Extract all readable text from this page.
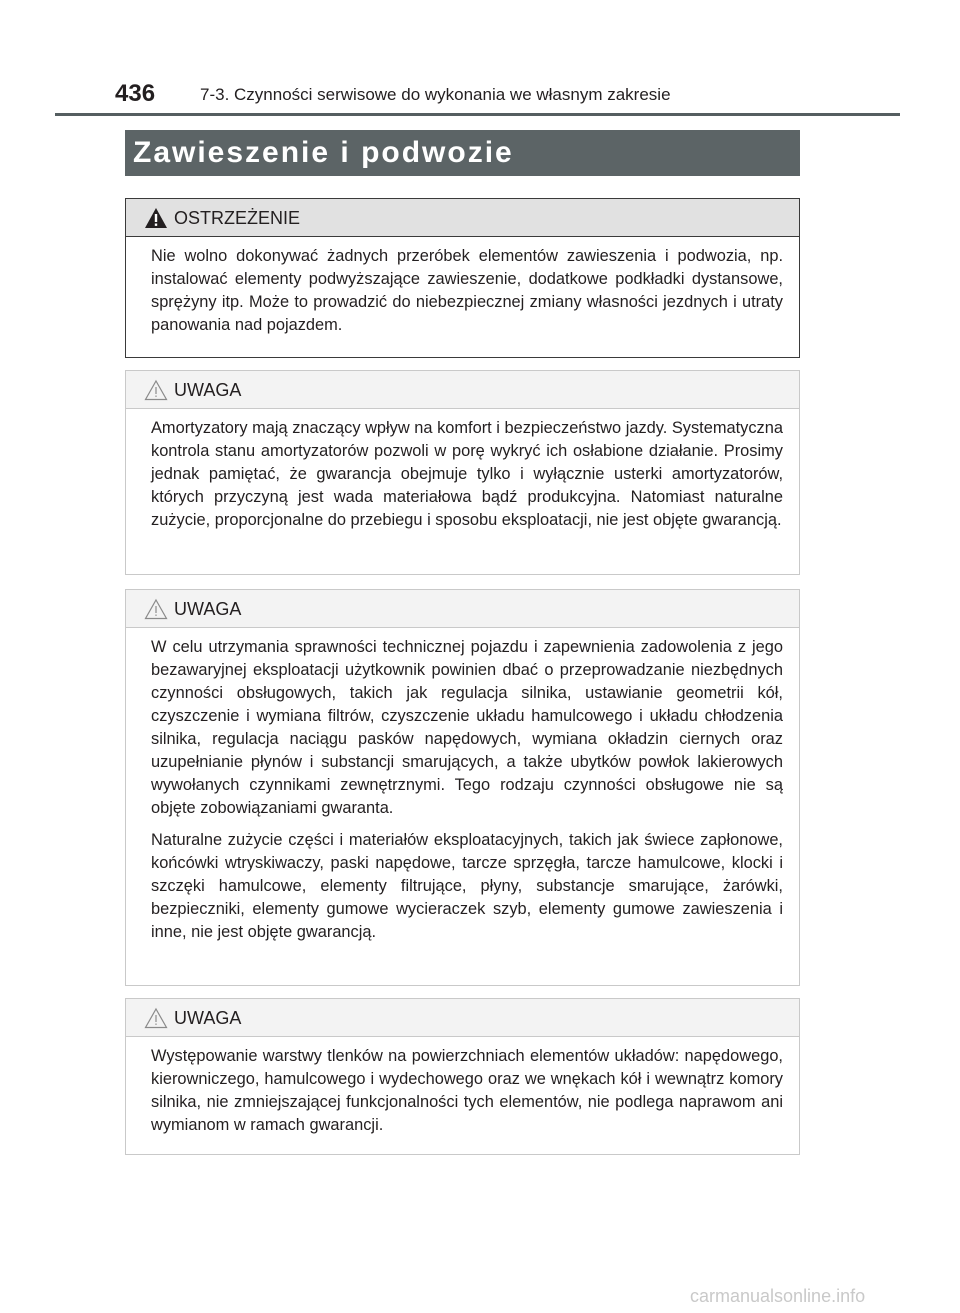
436	7-3. Czynności serwisowe do wykonania we własnym zakresie
Zawieszenie i podwozie
OSTRZEŻENIE

Nie wolno dokonywać żadnych przeróbek elementów zawieszenia i podwozia, np. instalować elementy podwyższające zawieszenie, dodatkowe podkładki dystansowe, sprężyny itp. Może to prowadzić do niebezpiecznej zmiany własności jezdnych i utraty panowania nad pojazdem.

UWAGA

Amortyzatory mają znaczący wpływ na komfort i bezpieczeństwo jazdy. Systematyczna kontrola stanu amortyzatorów pozwoli w porę wykryć ich osłabione działanie. Prosimy jednak pamiętać, że gwarancja obejmuje tylko i wyłącznie usterki amortyzatorów, których przyczyną jest wada materiałowa bądź produkcyjna. Natomiast naturalne zużycie, proporcjonalne do przebiegu i sposobu eksploatacji, nie jest objęte gwarancją.

UWAGA

W celu utrzymania sprawności technicznej pojazdu i zapewnienia zadowolenia z jego bezawaryjnej eksploatacji użytkownik powinien dbać o przeprowadzanie niezbędnych czynności obsługowych, takich jak regulacja silnika, ustawianie geometrii kół, czyszczenie i wymiana filtrów, czyszczenie układu hamulcowego i układu chłodzenia silnika, regulacja naciągu pasków napędowych, wymiana okładzin ciernych oraz uzupełnianie płynów i substancji smarujących, a także ubytków powłok lakierowych wywołanych czynnikami zewnętrznymi. Tego rodzaju czynności obsługowe nie są objęte zobowiązaniami gwaranta.

Naturalne zużycie części i materiałów eksploatacyjnych, takich jak świece zapłonowe, końcówki wtryskiwaczy, paski napędowe, tarcze sprzęgła, tarcze hamulcowe, klocki i szczęki hamulcowe, elementy filtrujące, płyny, substancje smarujące, żarówki, bezpieczniki, elementy gumowe wycieraczek szyb, elementy gumowe zawieszenia i inne, nie jest objęte gwarancją.

UWAGA

Występowanie warstwy tlenków na powierzchniach elementów układów: napędowego, kierowniczego, hamulcowego i wydechowego oraz we wnękach kół i wewnątrz komory silnika, nie zmniejszającej funkcjonalności tych elementów, nie podlega naprawom ani wymianom w ramach gwarancji.

carmanualsonline.info
